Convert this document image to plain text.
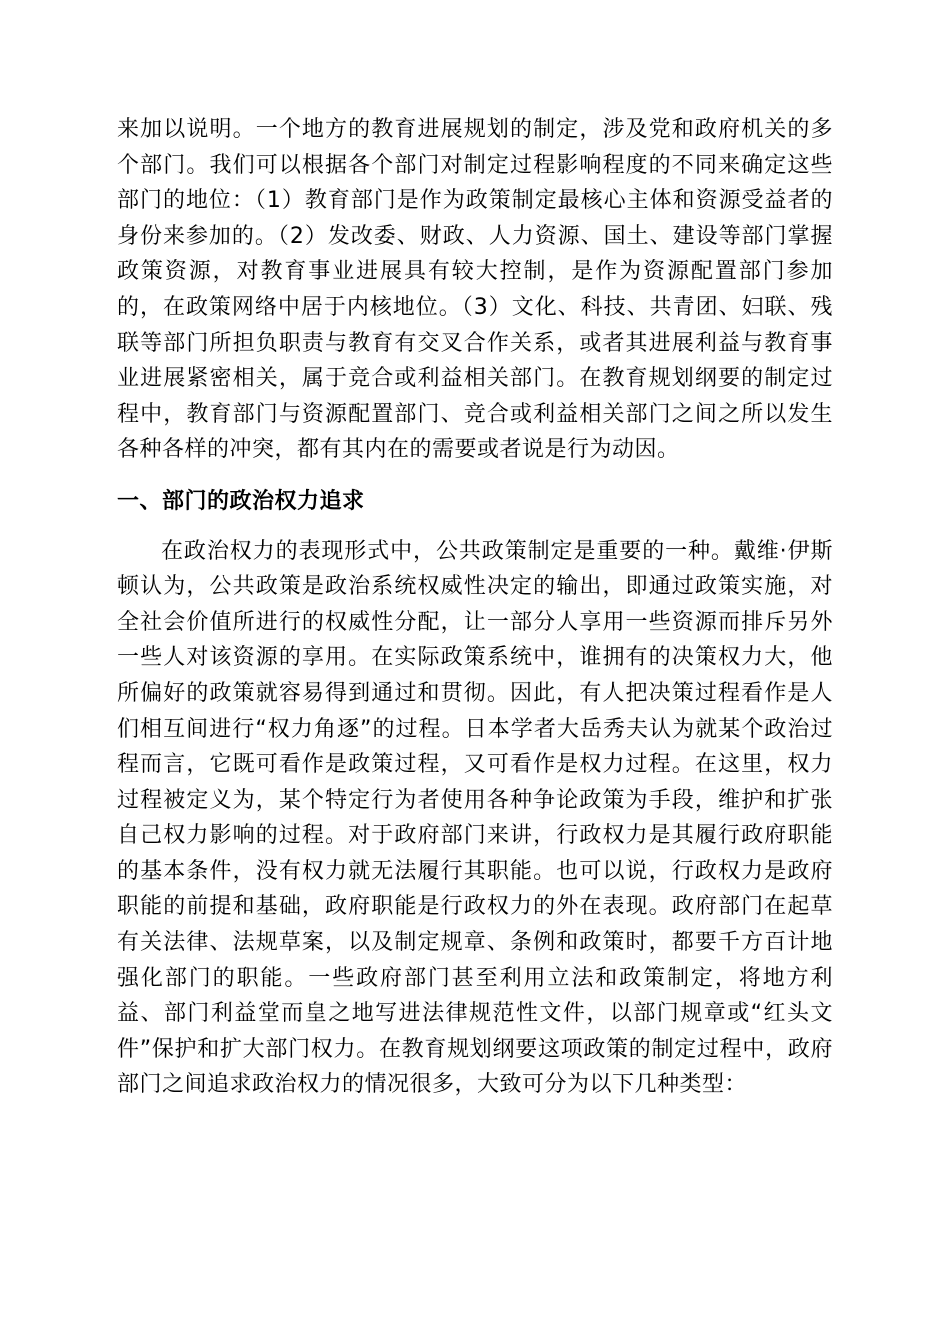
来加以说明。一个地方的教育进展规划的制定，涉及党和政府机关的多个部门。我们可以根据各个部门对制定过程影响程度的不同来确定这些部门的地位：（1）教育部门是作为政策制定最核心主体和资源受益者的身份来参加的。（2）发改委、财政、人力资源、国土、建设等部门掌握政策资源，对教育事业进展具有较大控制，是作为资源配置部门参加的，在政策网络中居于内核地位。（3）文化、科技、共青团、妇联、残联等部门所担负职责与教育有交叉合作关系，或者其进展利益与教育事业进展紧密相关，属于竞合或利益相关部门。在教育规划纲要的制定过程中，教育部门与资源配置部门、竞合或利益相关部门之间之所以发生各种各样的冲突，都有其内在的需要或者说是行为动因。

一、部门的政治权力追求

在政治权力的表现形式中，公共政策制定是重要的一种。戴维·伊斯顿认为，公共政策是政治系统权威性决定的输出，即通过政策实施，对全社会价值所进行的权威性分配，让一部分人享用一些资源而排斥另外一些人对该资源的享用。在实际政策系统中，谁拥有的决策权力大，他所偏好的政策就容易得到通过和贯彻。因此，有人把决策过程看作是人们相互间进行“权力角逐”的过程。日本学者大岳秀夫认为就某个政治过程而言，它既可看作是政策过程，又可看作是权力过程。在这里，权力过程被定义为，某个特定行为者使用各种争论政策为手段，维护和扩张自己权力影响的过程。对于政府部门来讲，行政权力是其履行政府职能的基本条件，没有权力就无法履行其职能。也可以说，行政权力是政府职能的前提和基础，政府职能是行政权力的外在表现。政府部门在起草有关法律、法规草案，以及制定规章、条例和政策时，都要千方百计地强化部门的职能。一些政府部门甚至利用立法和政策制定，将地方利益、部门利益堂而皇之地写进法律规范性文件，以部门规章或“红头文件”保护和扩大部门权力。在教育规划纲要这项政策的制定过程中，政府部门之间追求政治权力的情况很多，大致可分为以下几种类型：
